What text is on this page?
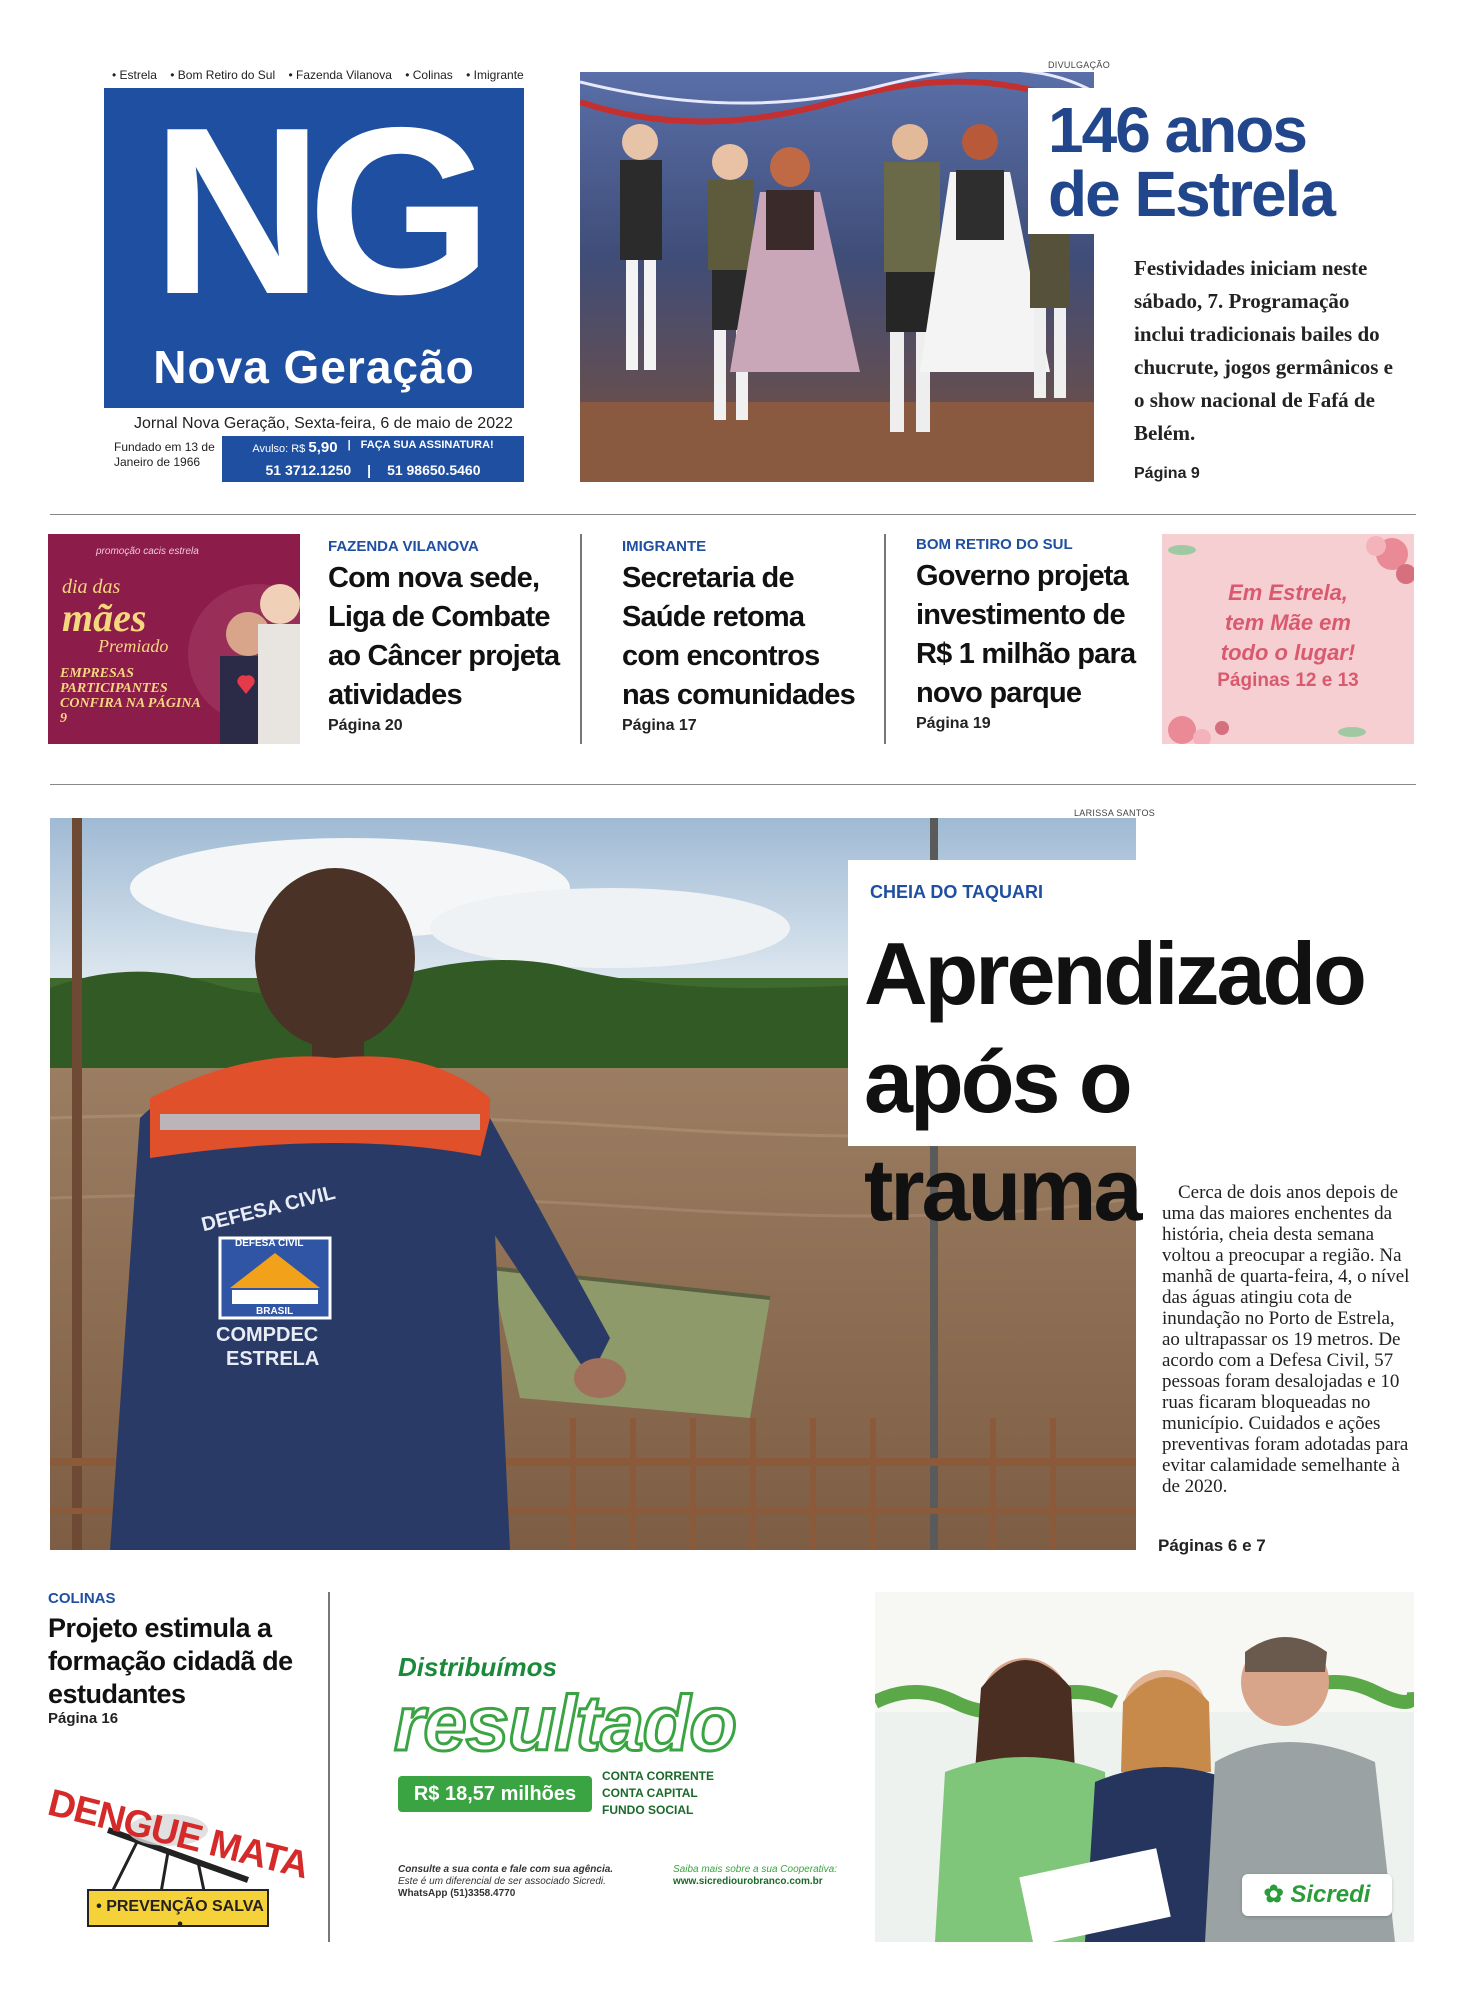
• Estrela • Bom Retiro do Sul • Fazenda Vilanova • Colinas • Imigrante
NG
Nova Geração
Jornal Nova Geração, Sexta-feira, 6 de maio de 2022
Fundado em 13 de Janeiro de 1966
Avulso: R$ 5,90 | FAÇA SUA ASSINATURA!
51 3712.1250 | 51 98650.5460
DIVULGAÇÃO
146 anos
de Estrela
Festividades iniciam neste sábado, 7. Programação inclui tradicionais bailes do chucrute, jogos germânicos e o show nacional de Fafá de Belém.
Página 9
promoção cacis estrela
dia das
mães
Premiado
EMPRESAS PARTICIPANTES CONFIRA NA PÁGINA 9
FAZENDA VILANOVA
Com nova sede, Liga de Combate ao Câncer projeta atividades
Página 20
IMIGRANTE
Secretaria de Saúde retoma com encontros nas comunidades
Página 17
BOM RETIRO DO SUL
Governo projeta investimento de R$ 1 milhão para novo parque
Página 19
Em Estrela,
tem Mãe em
todo o lugar!
Páginas 12 e 13
LARISSA SANTOS
DEFESA CIVIL
DEFESA CIVIL
BRASIL
COMPDEC
ESTRELA
CHEIA DO TAQUARI
Aprendizado
após o trauma	Cerca de dois anos depois de uma das maiores enchentes da história, cheia desta semana voltou a preocupar a região. Na manhã de quarta-feira, 4, o nível das águas atingiu cota de inundação no Porto de Estrela, ao ultrapassar os 19 metros. De acordo com a Defesa Civil, 57 pessoas foram desalojadas e 10 ruas ficaram bloqueadas no município. Cuidados e ações preventivas foram adotadas para evitar calamidade semelhante à de 2020.
Páginas 6 e 7
COLINAS
Projeto estimula a formação cidadã de estudantes
Página 16
DENGUE MATA
• PREVENÇÃO SALVA •
Distribuímos
resultado
R$ 18,57 milhões
CONTA CORRENTE
CONTA CAPITAL
FUNDO SOCIAL
Consulte a sua conta e fale com sua agência.
Este é um diferencial de ser associado Sicredi.
WhatsApp (51)3358.4770
Saiba mais sobre a sua Cooperativa:
www.sicrediourobranco.com.br	✿ Sicredi
